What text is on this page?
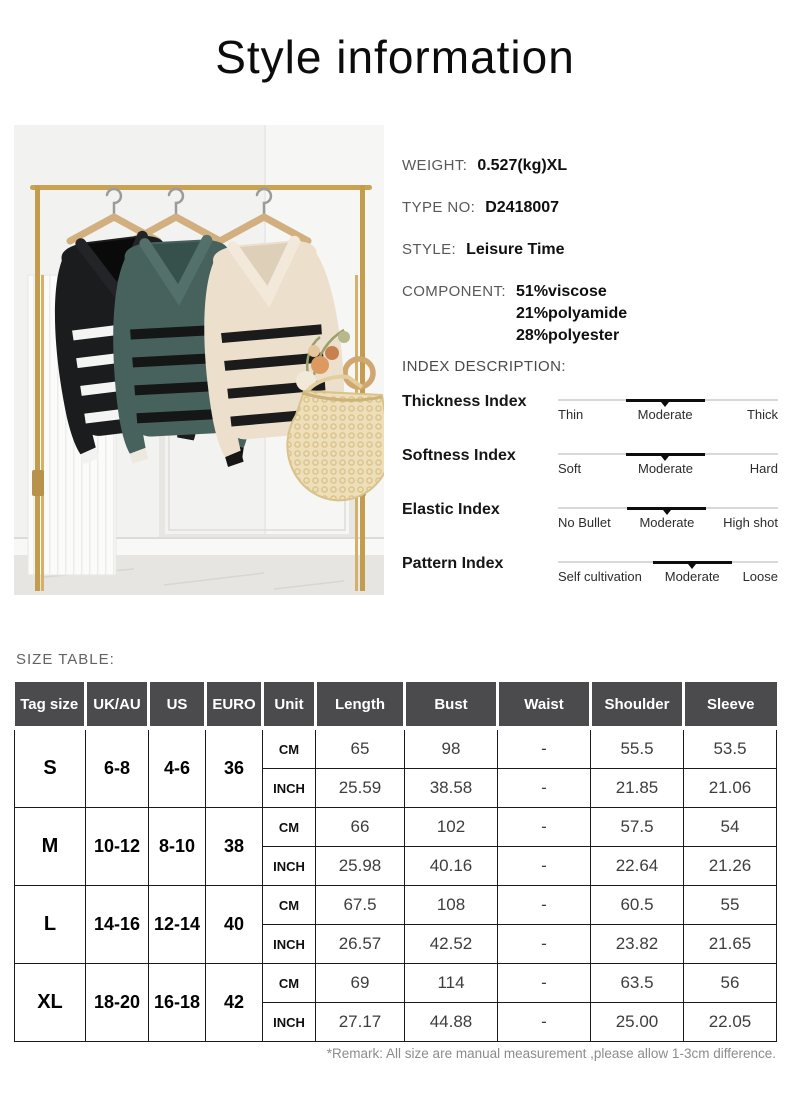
Style information
WEIGHT: 0.527(kg)XL
TYPE NO: D2418007
STYLE: Leisure Time
COMPONENT: 51%viscose
21%polyamide
28%polyester
INDEX DESCRIPTION:
Thickness Index
Thin	Moderate	Thick
Softness Index
Soft	Moderate	Hard
Elastic Index
No Bullet Moderate High shot
Pattern Index
Self cultivation Moderate Loose
SIZE TABLE:
Tag size	UK/AU	US	EURO	Unit	Length	Bust	Waist	Shoulder	Sleeve
S	6-8	4-6	36	CM	65	98	-	55.5	53.5
				INCH	25.59	38.58	-	21.85	21.06
M	10-12	8-10	38	CM	66	102	-	57.5	54
				INCH	25.98	40.16	-	22.64	21.26
L	14-16	12-14	40	CM	67.5	108	-	60.5	55
				INCH	26.57	42.52	-	23.82	21.65
XL	18-20	16-18	42	CM	69	114	-	63.5	56
				INCH	27.17	44.88	-	25.00	22.05
*Remark: All size are manual measurement ,please allow 1-3cm difference.
